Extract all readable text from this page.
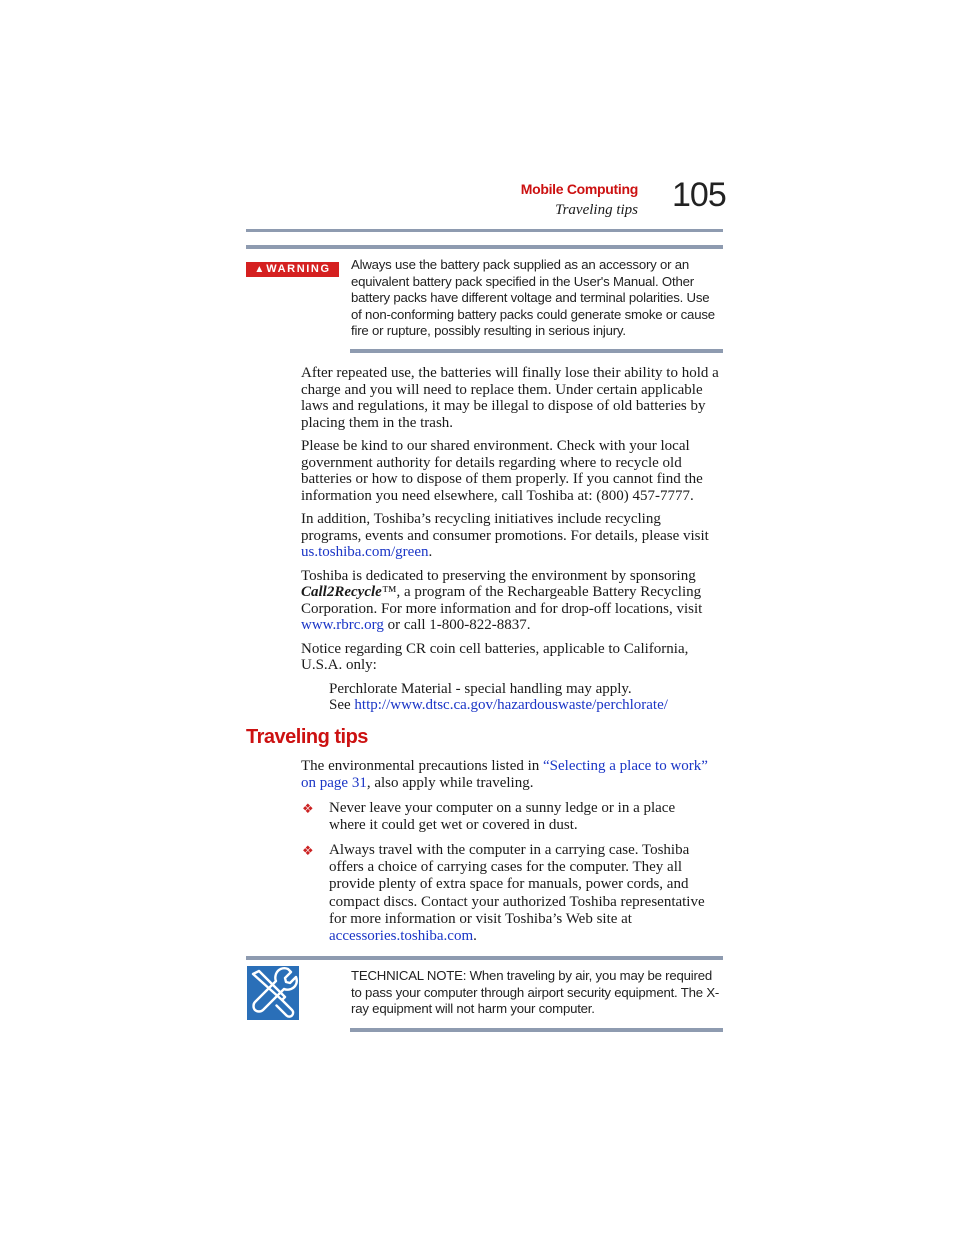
Mobile Computing
Traveling tips 105
▲ WARNING	Always use the battery pack supplied as an accessory or an equivalent battery pack specified in the User's Manual. Other battery packs have different voltage and terminal polarities. Use of non-conforming battery packs could generate smoke or cause fire or rupture, possibly resulting in serious injury.

After repeated use, the batteries will finally lose their ability to hold a charge and you will need to replace them. Under certain applicable laws and regulations, it may be illegal to dispose of old batteries by placing them in the trash.

Please be kind to our shared environment. Check with your local government authority for details regarding where to recycle old batteries or how to dispose of them properly. If you cannot find the information you need elsewhere, call Toshiba at: (800) 457-7777.

In addition, Toshiba’s recycling initiatives include recycling programs, events and consumer promotions. For details, please visit us.toshiba.com/green.

Toshiba is dedicated to preserving the environment by sponsoring Call2Recycle™, a program of the Rechargeable Battery Recycling Corporation. For more information and for drop-off locations, visit www.rbrc.org or call 1-800-822-8837.

Notice regarding CR coin cell batteries, applicable to California, U.S.A. only:

Perchlorate Material - special handling may apply.
See http://www.dtsc.ca.gov/hazardouswaste/perchlorate/

Traveling tips

The environmental precautions listed in “Selecting a place to work” on page 31, also apply while traveling.

❖ Never leave your computer on a sunny ledge or in a place where it could get wet or covered in dust.
❖ Always travel with the computer in a carrying case. Toshiba offers a choice of carrying cases for the computer. They all provide plenty of extra space for manuals, power cords, and compact discs. Contact your authorized Toshiba representative for more information or visit Toshiba’s Web site at accessories.toshiba.com.
TECHNICAL NOTE: When traveling by air, you may be required to pass your computer through airport security equipment. The X-ray equipment will not harm your computer.
